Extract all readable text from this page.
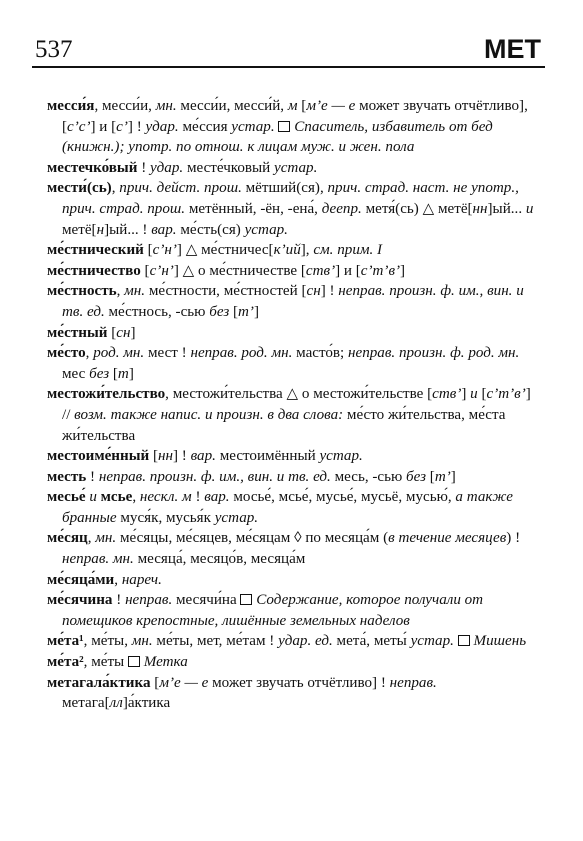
537	МЕТ

месси́я, месси́и, мн. месси́и, месси́й, м [м’е — е может звучать отчётливо], [с’с’] и [с’] ! удар. ме́ссия устар. Спаситель, избавитель от бед (книжн.); употр. по отнош. к лицам муж. и жен. пола

местечко́вый ! удар. месте́чковый устар.

мести́(сь), прич. дейст. прош. мётший(ся), прич. страд. наст. не употр., прич. страд. прош. метённый, -ён, -ена́, дееnр. метя́(сь) △ метё[нн]ый... и метё[н]ый... ! вар. ме́сть(ся) устар.

ме́стнический [с’н’] △ ме́стничес[к’ий], см. прим. I

ме́стничество [с’н’] △ о ме́стничестве [ств’] и [с’т’в’]

ме́стность, мн. ме́стности, ме́стностей [сн] ! неправ. произн. ф. им., вин. и тв. ед. ме́стнось, -сью без [т’]

ме́стный [сн]

ме́сто, род. мн. мест ! неправ. род. мн. масто́в; неправ. произн. ф. род. мн. мес без [т]

местожи́тельство, местожи́тельства △ о местожи́тельстве [ств’] и [с’т’в’] // возм. также напис. и произн. в два слова: ме́сто жи́тельства, ме́ста жи́тельства

местоиме́нный [нн] ! вар. местоимённый устар.

месть ! неправ. произн. ф. им., вин. и тв. ед. месь, -сью без [т’]

месье́ и мсье, нескл. м ! вар. мосье́, мсье́, мусье́, мусьё, мусью́, а также бранные муся́к, мусья́к устар.

ме́сяц, мн. ме́сяцы, ме́сяцев, ме́сяцам ◊ по месяца́м (в течение месяцев) ! неправ. мн. месяца́, месяцо́в, месяца́м

ме́сяца́ми, нареч.

ме́сячина ! неправ. месячи́на  Содержание, которое получали от помещиков крепостные, лишённые земельных наделов

ме́та¹, ме́ты, мн. ме́ты, мет, ме́там ! удар. ед. мета́, меты́ устар. Мишень

ме́та², ме́ты  Метка

метагала́ктика [м’е — е может звучать отчётливо] ! неправ. метага[лл]а́ктика
